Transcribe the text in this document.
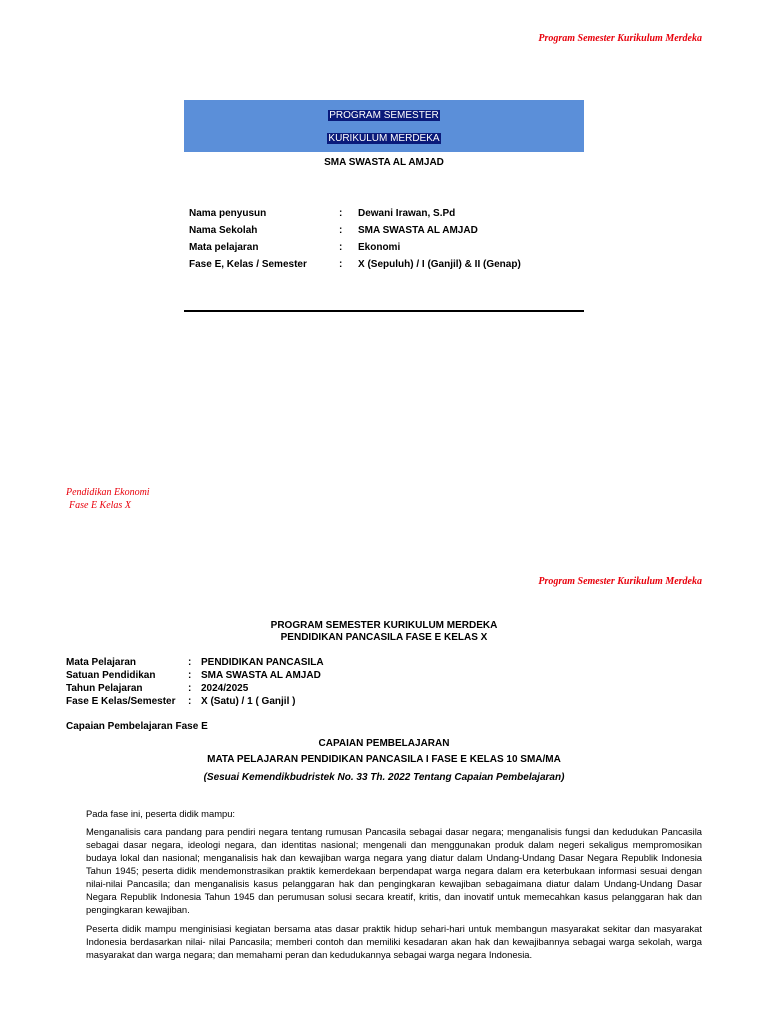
Program Semester Kurikulum Merdeka
PROGRAM SEMESTER
KURIKULUM MERDEKA
SMA SWASTA AL AMJAD
Nama penyusun	: Dewani Irawan, S.Pd
Nama Sekolah	: SMA SWASTA AL AMJAD
Mata pelajaran	: Ekonomi
Fase E, Kelas / Semester	: X (Sepuluh) / I (Ganjil) & II (Genap)
Pendidikan Ekonomi
Fase E Kelas X
Program Semester Kurikulum Merdeka
PROGRAM SEMESTER KURIKULUM MERDEKA
PENDIDIKAN PANCASILA FASE E KELAS X
Mata Pelajaran	: PENDIDIKAN PANCASILA
Satuan Pendidikan	: SMA SWASTA AL AMJAD
Tahun Pelajaran	: 2024/2025
Fase E Kelas/Semester : X (Satu) / 1 ( Ganjil )
Capaian Pembelajaran Fase E
CAPAIAN PEMBELAJARAN
MATA PELAJARAN PENDIDIKAN PANCASILA I FASE E KELAS 10 SMA/MA
(Sesuai Kemendikbudristek No. 33 Th. 2022 Tentang Capaian Pembelajaran)
Pada fase ini, peserta didik mampu:
Menganalisis cara pandang para pendiri negara tentang rumusan Pancasila sebagai dasar negara; menganalisis fungsi dan kedudukan Pancasila sebagai dasar negara, ideologi negara, dan identitas nasional; mengenali dan menggunakan produk dalam negeri sekaligus mempromosikan budaya lokal dan nasional; menganalisis hak dan kewajiban warga negara yang diatur dalam Undang-Undang Dasar Negara Republik Indonesia Tahun 1945; peserta didik mendemonstrasikan praktik kemerdekaan berpendapat warga negara dalam era keterbukaan informasi sesuai dengan nilai-nilai Pancasila; dan menganalisis kasus pelanggaran hak dan pengingkaran kewajiban sebagaimana diatur dalam Undang-Undang Dasar Negara Republik Indonesia Tahun 1945 dan perumusan solusi secara kreatif, kritis, dan inovatif untuk memecahkan kasus pelanggaran hak dan pengingkaran kewajiban.
Peserta didik mampu menginisiasi kegiatan bersama atas dasar praktik hidup sehari-hari untuk membangun masyarakat sekitar dan masyarakat Indonesia berdasarkan nilai- nilai Pancasila; memberi contoh dan memiliki kesadaran akan hak dan kewajibannya sebagai warga sekolah, warga masyarakat dan warga negara; dan memahami peran dan kedudukannya sebagai warga negara Indonesia.
